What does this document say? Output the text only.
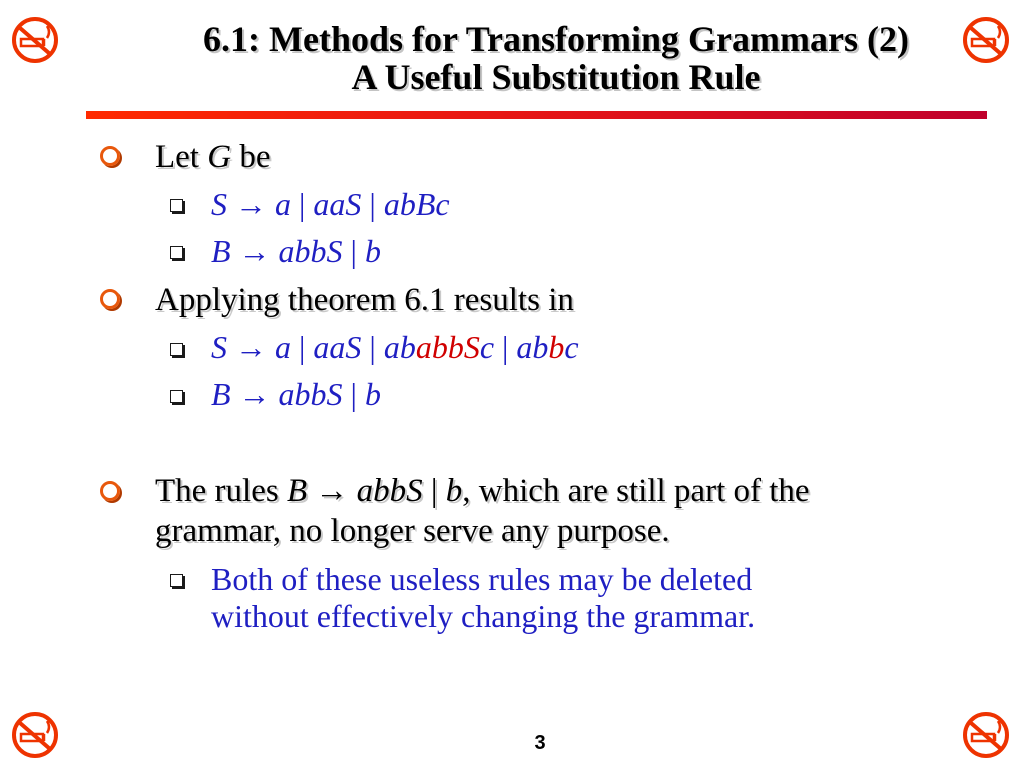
6.1: Methods for Transforming Grammars (2)
A Useful Substitution Rule
Let G be
S → a | aaS | abBc
B → abbS | b
Applying theorem 6.1 results in
S → a | aaS | ababbSc | abbc
B → abbS | b
The rules B → abbS | b, which are still part of the
grammar, no longer serve any purpose.
Both of these useless rules may be deleted
without effectively changing the grammar.
3
